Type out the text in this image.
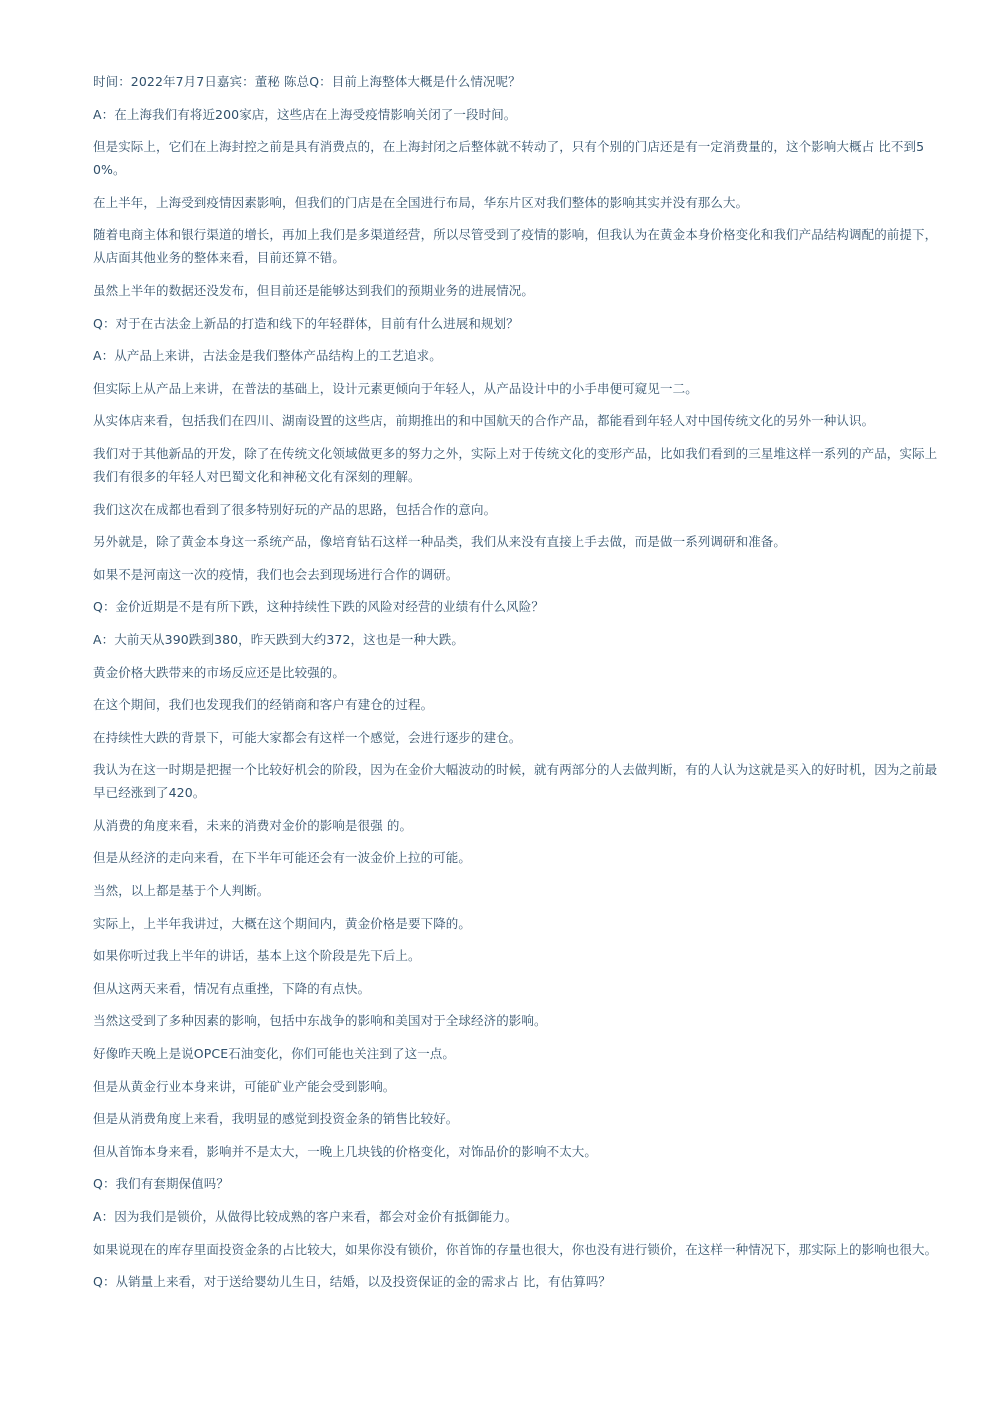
时间：2022年7月7日嘉宾：董秘 陈总Q：目前上海整体大概是什么情况呢？

A：在上海我们有将近200家店，这些店在上海受疫情影响关闭了一段时间。

但是实际上，它们在上海封控之前是具有消费点的，在上海封闭之后整体就不转动了，只有个别的门店还是有一定消费量的，这个影响大概占 比不到50%。

在上半年，上海受到疫情因素影响，但我们的门店是在全国进行布局，华东片区对我们整体的影响其实并没有那么大。

随着电商主体和银行渠道的增长，再加上我们是多渠道经营，所以尽管受到了疫情的影响，但我认为在黄金本身价格变化和我们产品结构调配的前提下，从店面其他业务的整体来看，目前还算不错。

虽然上半年的数据还没发布，但目前还是能够达到我们的预期业务的进展情况。

Q：对于在古法金上新品的打造和线下的年轻群体，目前有什么进展和规划？

A：从产品上来讲，古法金是我们整体产品结构上的工艺追求。

但实际上从产品上来讲，在普法的基础上，设计元素更倾向于年轻人，从产品设计中的小手串便可窥见一二。

从实体店来看，包括我们在四川、湖南设置的这些店，前期推出的和中国航天的合作产品，都能看到年轻人对中国传统文化的另外一种认识。

我们对于其他新品的开发，除了在传统文化领域做更多的努力之外，实际上对于传统文化的变形产品，比如我们看到的三星堆这样一系列的产品，实际上我们有很多的年轻人对巴蜀文化和神秘文化有深刻的理解。

我们这次在成都也看到了很多特别好玩的产品的思路，包括合作的意向。

另外就是，除了黄金本身这一系统产品，像培育钻石这样一种品类，我们从来没有直接上手去做，而是做一系列调研和准备。

如果不是河南这一次的疫情，我们也会去到现场进行合作的调研。

Q：金价近期是不是有所下跌，这种持续性下跌的风险对经营的业绩有什么风险？

A：大前天从390跌到380，昨天跌到大约372，这也是一种大跌。

黄金价格大跌带来的市场反应还是比较强的。

在这个期间，我们也发现我们的经销商和客户有建仓的过程。

在持续性大跌的背景下，可能大家都会有这样一个感觉，会进行逐步的建仓。

我认为在这一时期是把握一个比较好机会的阶段，因为在金价大幅波动的时候，就有两部分的人去做判断，有的人认为这就是买入的好时机，因为之前最早已经涨到了420。

从消费的角度来看，未来的消费对金价的影响是很强 的。

但是从经济的走向来看，在下半年可能还会有一波金价上拉的可能。

当然，以上都是基于个人判断。

实际上，上半年我讲过，大概在这个期间内，黄金价格是要下降的。

如果你听过我上半年的讲话，基本上这个阶段是先下后上。

但从这两天来看，情况有点重挫，下降的有点快。

当然这受到了多种因素的影响，包括中东战争的影响和美国对于全球经济的影响。

好像昨天晚上是说OPCE石油变化，你们可能也关注到了这一点。

但是从黄金行业本身来讲，可能矿业产能会受到影响。

但是从消费角度上来看，我明显的感觉到投资金条的销售比较好。

但从首饰本身来看，影响并不是太大，一晚上几块钱的价格变化，对饰品价的影响不太大。

Q：我们有套期保值吗？

A：因为我们是锁价，从做得比较成熟的客户来看，都会对金价有抵御能力。

如果说现在的库存里面投资金条的占比较大，如果你没有锁价，你首饰的存量也很大，你也没有进行锁价，在这样一种情况下，那实际上的影响也很大。

Q：从销量上来看，对于送给婴幼儿生日，结婚，以及投资保证的金的需求占 比，有估算吗？
